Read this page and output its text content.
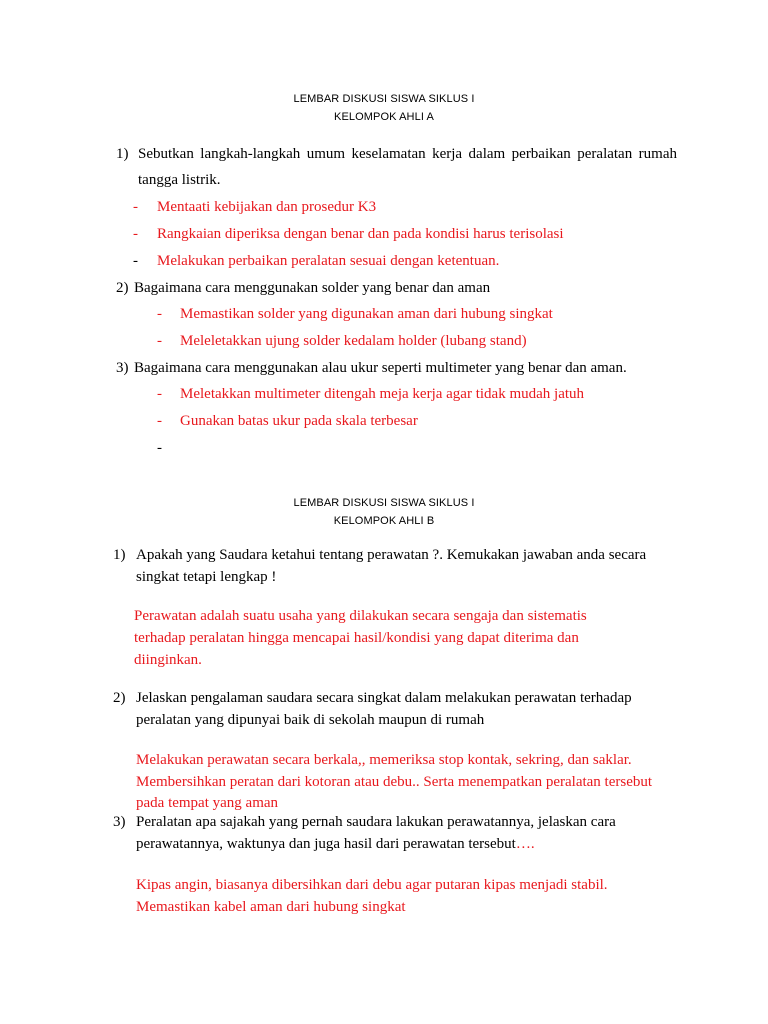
LEMBAR DISKUSI SISWA SIKLUS I
KELOMPOK AHLI A
1) Sebutkan langkah-langkah umum keselamatan kerja dalam perbaikan peralatan rumah
tangga listrik.
- Mentaati kebijakan dan prosedur K3
- Rangkaian diperiksa dengan benar dan pada kondisi harus terisolasi
- Melakukan perbaikan peralatan sesuai dengan ketentuan.
2) Bagaimana cara menggunakan solder yang benar dan aman
- Memastikan solder yang digunakan aman dari hubung singkat
- Meleletakkan ujung solder kedalam holder (lubang stand)
3) Bagaimana cara menggunakan alau ukur seperti multimeter yang benar dan aman.
- Meletakkan multimeter ditengah meja kerja agar tidak mudah jatuh
- Gunakan batas ukur pada skala terbesar
-
LEMBAR DISKUSI SISWA SIKLUS I
KELOMPOK AHLI B
1) Apakah yang Saudara ketahui tentang perawatan ?. Kemukakan jawaban anda secara
singkat tetapi lengkap !
Perawatan adalah suatu usaha yang dilakukan secara sengaja dan sistematis
terhadap peralatan hingga mencapai hasil/kondisi yang dapat diterima dan
diinginkan.
2) Jelaskan pengalaman saudara secara singkat dalam melakukan perawatan terhadap
peralatan yang dipunyai baik di sekolah maupun di rumah
Melakukan perawatan secara berkala,, memeriksa stop kontak, sekring, dan saklar.
Membersihkan peratan dari kotoran atau debu.. Serta menempatkan peralatan tersebut
pada tempat yang aman
3) Peralatan apa sajakah yang pernah saudara lakukan perawatannya, jelaskan cara
perawatannya, waktunya dan juga hasil dari perawatan tersebut….
Kipas angin, biasanya dibersihkan dari debu agar putaran kipas menjadi stabil.
Memastikan kabel aman dari hubung singkat
